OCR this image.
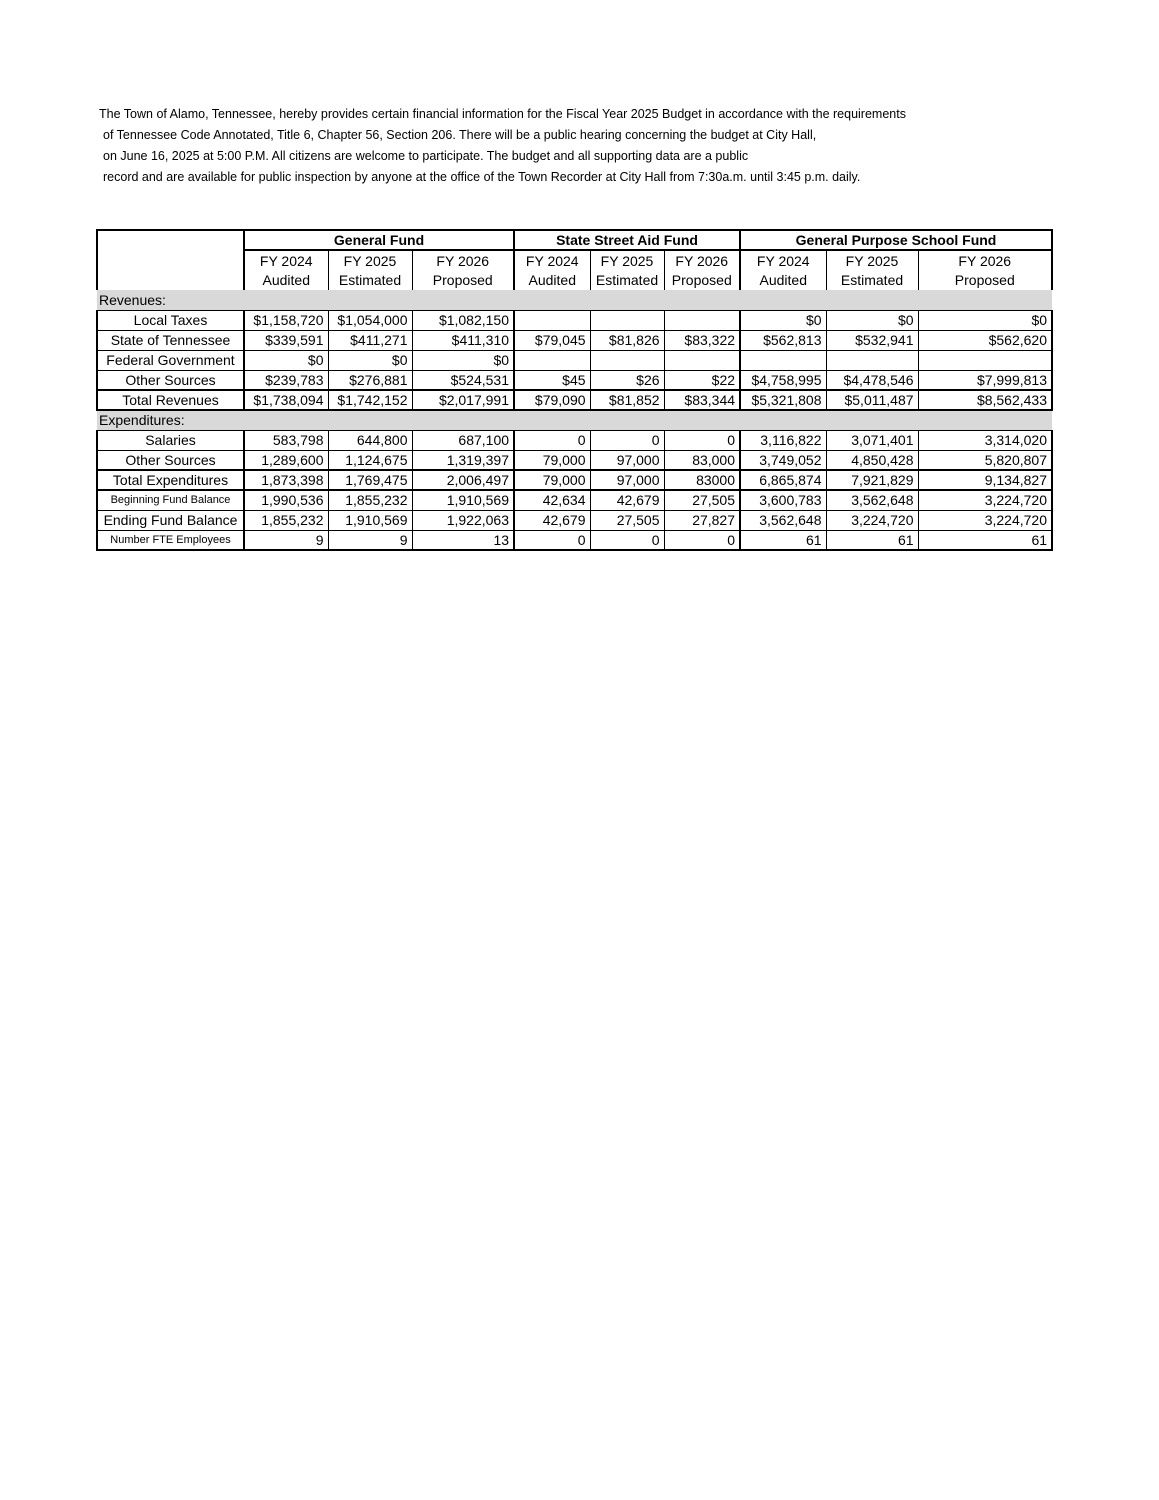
The Town of Alamo, Tennessee, hereby provides certain financial information for the Fiscal Year 2025 Budget in accordance with the requirements
of Tennessee Code Annotated, Title 6, Chapter 56, Section 206. There will be a public hearing concerning the budget at City Hall,
on June 16, 2025 at 5:00 P.M. All citizens are welcome to participate. The budget and all supporting data are a public
record and are available for public inspection by anyone at the office of the Town Recorder at City Hall from 7:30a.m. until 3:45 p.m. daily.
	General Fund			State Street Aid Fund			General Purpose School Fund		
	FY 2024	FY 2025	FY 2026	FY 2024	FY 2025	FY 2026	FY 2024	FY 2025	FY 2026
	Audited	Estimated	Proposed	Audited	Estimated	Proposed	Audited	Estimated	Proposed
Revenues:									
Local Taxes	$1,158,720	$1,054,000	$1,082,150				$0	$0	$0
State of Tennessee	$339,591	$411,271	$411,310	$79,045	$81,826	$83,322	$562,813	$532,941	$562,620
Federal Government	$0	$0	$0						
Other Sources	$239,783	$276,881	$524,531	$45	$26	$22	$4,758,995	$4,478,546	$7,999,813
Total Revenues	$1,738,094	$1,742,152	$2,017,991	$79,090	$81,852	$83,344	$5,321,808	$5,011,487	$8,562,433
Expenditures:									
Salaries	583,798	644,800	687,100	0	0	0	3,116,822	3,071,401	3,314,020
Other Sources	1,289,600	1,124,675	1,319,397	79,000	97,000	83,000	3,749,052	4,850,428	5,820,807
Total Expenditures	1,873,398	1,769,475	2,006,497	79,000	97,000	83000	6,865,874	7,921,829	9,134,827
Beginning Fund Balance	1,990,536	1,855,232	1,910,569	42,634	42,679	27,505	3,600,783	3,562,648	3,224,720
Ending Fund Balance	1,855,232	1,910,569	1,922,063	42,679	27,505	27,827	3,562,648	3,224,720	3,224,720
Number FTE Employees	9	9	13	0	0	0	61	61	61
